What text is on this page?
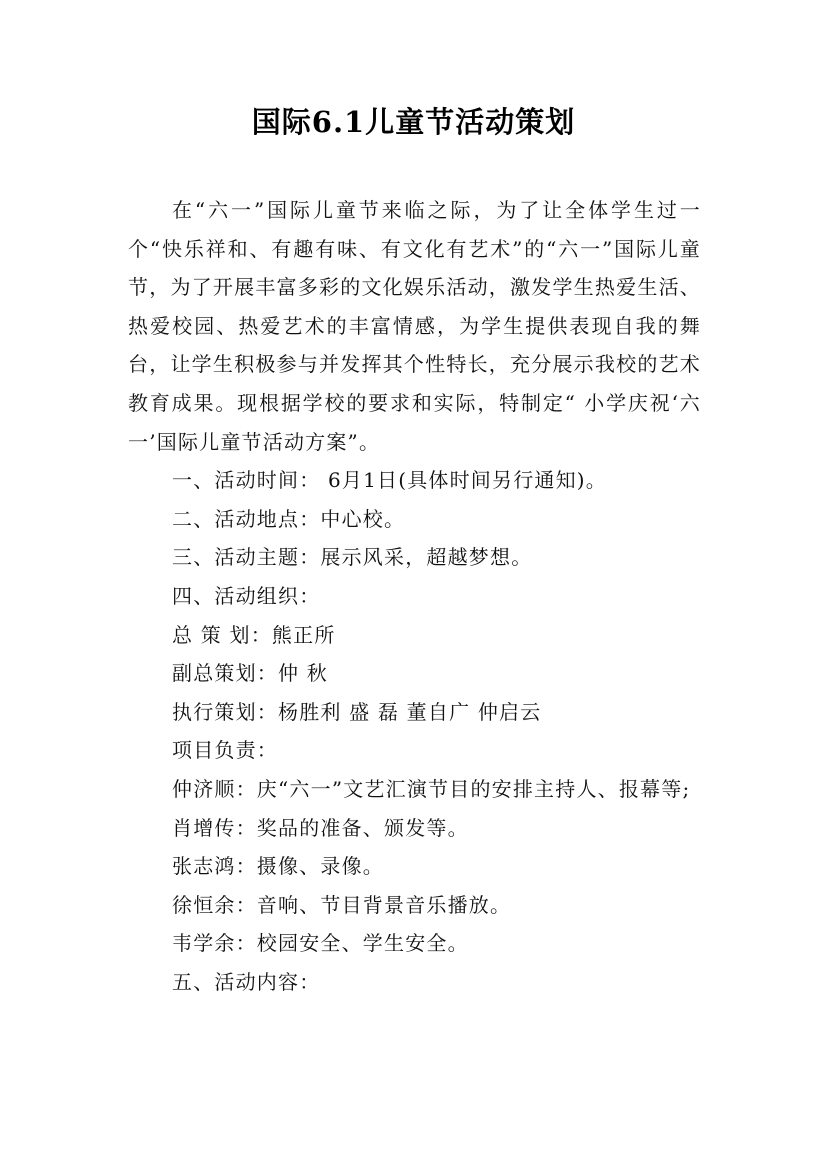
国际6.1儿童节活动策划

在“六一”国际儿童节来临之际，为了让全体学生过一个“快乐祥和、有趣有味、有文化有艺术”的“六一”国际儿童节，为了开展丰富多彩的文化娱乐活动，激发学生热爱生活、热爱校园、热爱艺术的丰富情感，为学生提供表现自我的舞台，让学生积极参与并发挥其个性特长，充分展示我校的艺术教育成果。现根据学校的要求和实际，特制定“ 小学庆祝‘六一’国际儿童节活动方案”。

一、活动时间： 6月1日(具体时间另行通知)。

二、活动地点：中心校。

三、活动主题：展示风采，超越梦想。

四、活动组织：

总 策 划：熊正所

副总策划：仲 秋

执行策划：杨胜利 盛 磊 董自广 仲启云

项目负责：

仲济顺：庆“六一”文艺汇演节目的安排主持人、报幕等;

肖增传：奖品的准备、颁发等。

张志鸿：摄像、录像。

徐恒余：音响、节目背景音乐播放。

韦学余：校园安全、学生安全。

五、活动内容：
